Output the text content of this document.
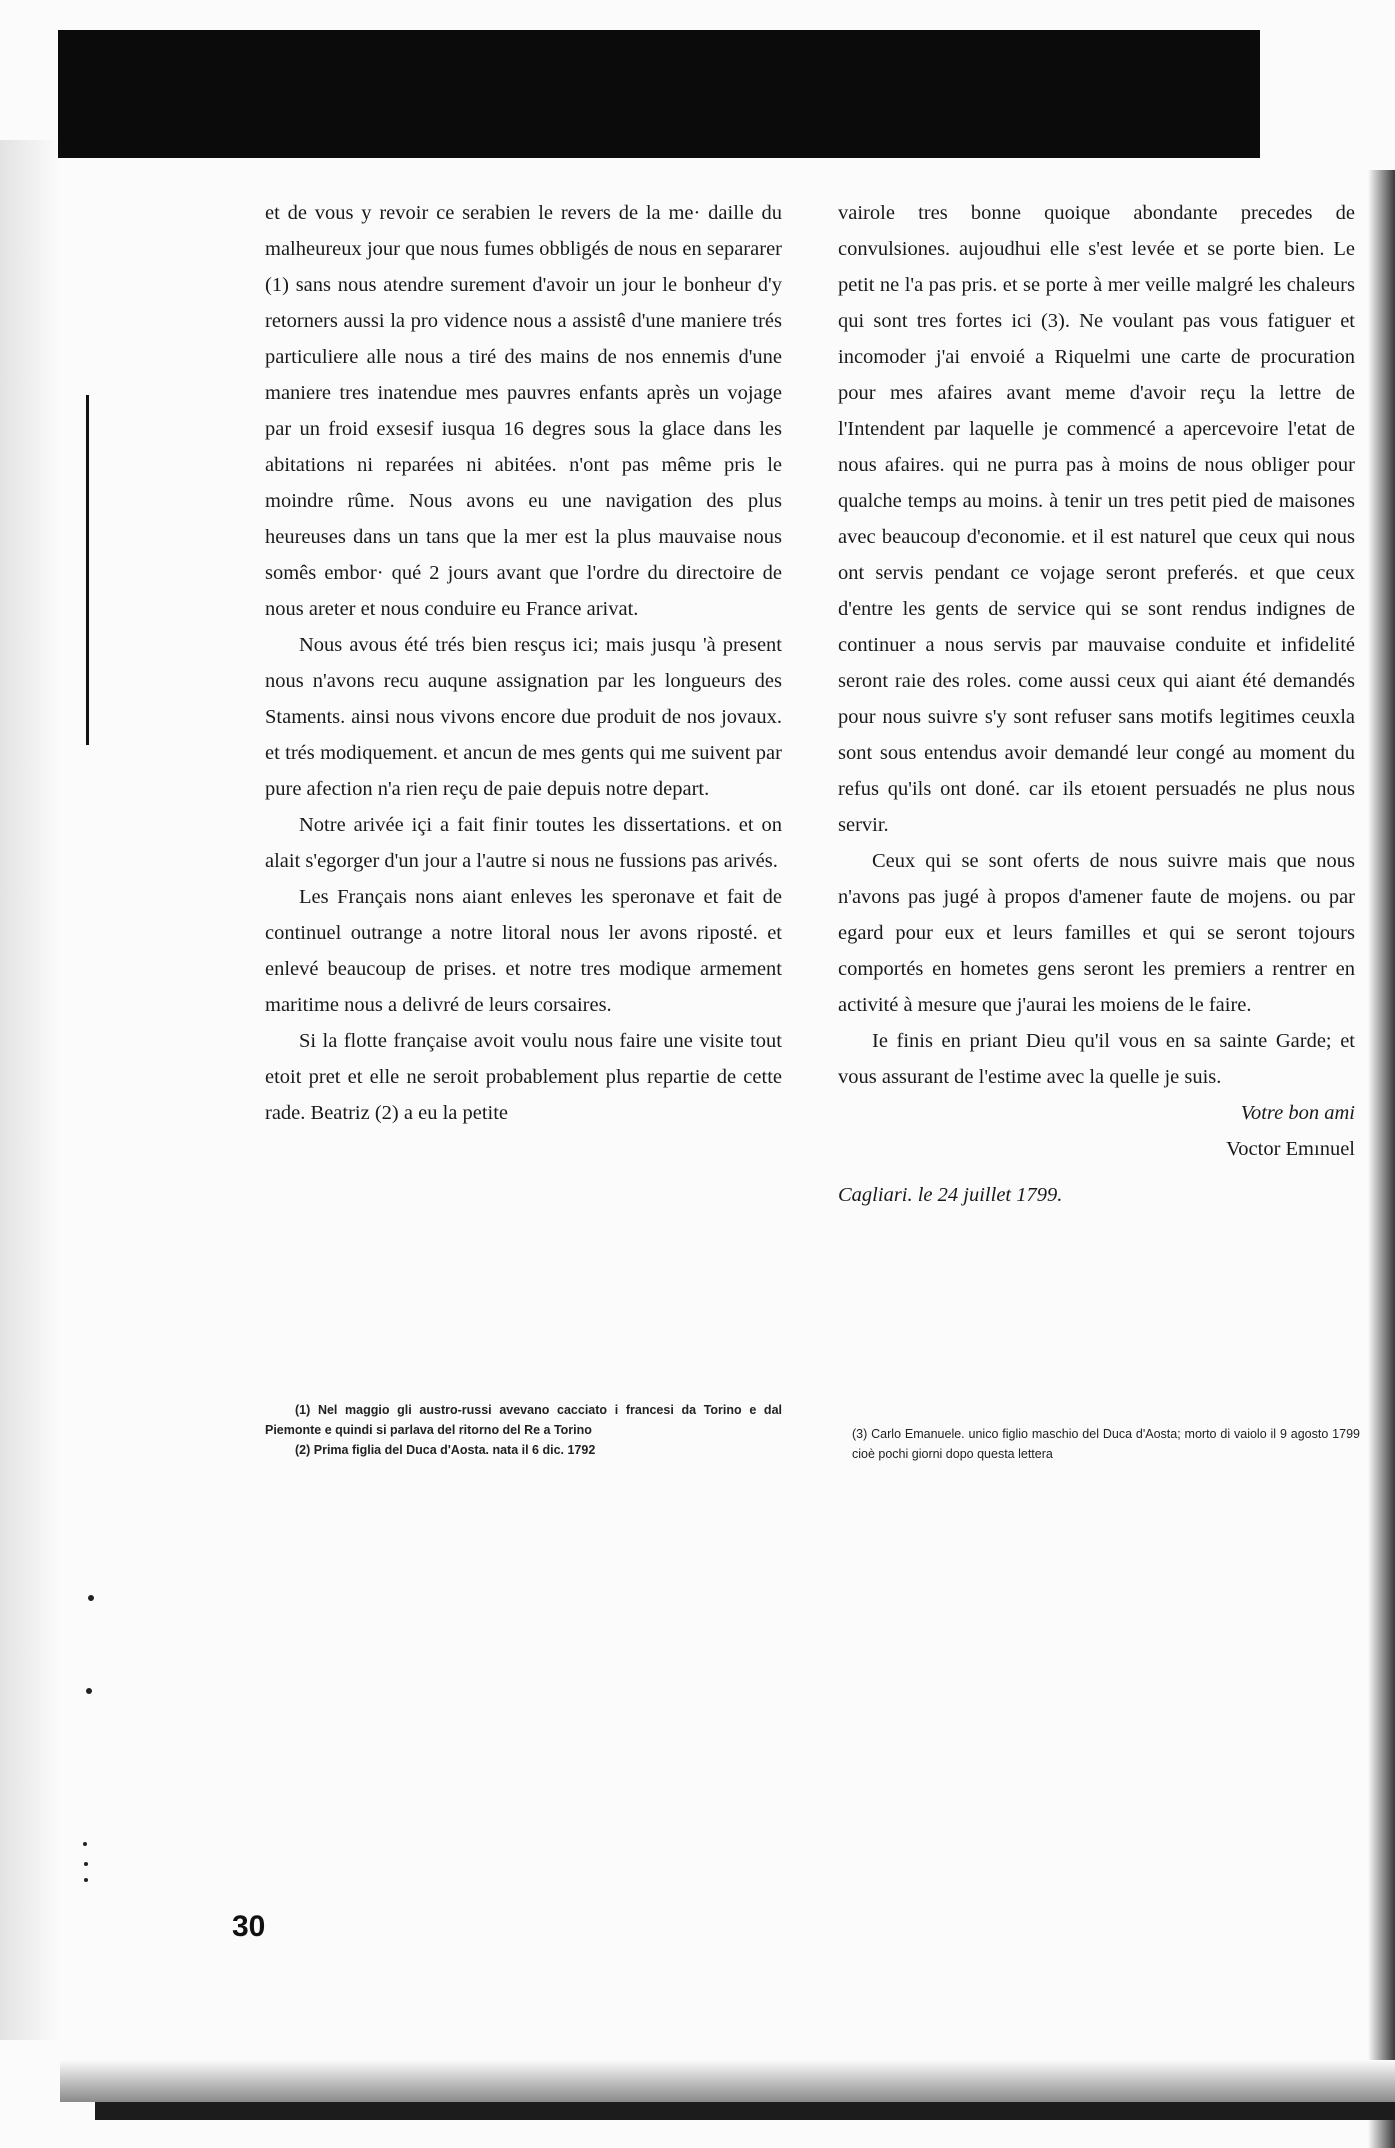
et de vous y revoir ce serabien le revers de la me· daille du malheureux jour que nous fumes obbligés de nous en separarer (1) sans nous atendre surement d'avoir un jour le bonheur d'y retorners aussi la pro vidence nous a assistê d'une maniere trés particuliere alle nous a tiré des mains de nos ennemis d'une maniere tres inatendue mes pauvres enfants après un vojage par un froid exsesif iusqua 16 degres sous la glace dans les abitations ni reparées ni abitées. n'ont pas même pris le moindre rûme. Nous avons eu une navigation des plus heureuses dans un tans que la mer est la plus mauvaise nous somês embor· qué 2 jours avant que l'ordre du directoire de nous areter et nous conduire eu France arivat.

Nous avous été trés bien resçus ici; mais jusqu 'à present nous n'avons recu auqune assignation par les longueurs des Staments. ainsi nous vivons encore due produit de nos jovaux. et trés modiquement. et ancun de mes gents qui me suivent par pure afection n'a rien reçu de paie depuis notre depart.

Notre arivée içi a fait finir toutes les dissertations. et on alait s'egorger d'un jour a l'autre si nous ne fussions pas arivés.

Les Français nons aiant enleves les speronave et fait de continuel outrange a notre litoral nous ler avons riposté. et enlevé beaucoup de prises. et notre tres modique armement maritime nous a delivré de leurs corsaires.

Si la flotte française avoit voulu nous faire une visite tout etoit pret et elle ne seroit probablement plus repartie de cette rade. Beatriz (2) a eu la petite

vairole tres bonne quoique abondante precedes de convulsiones. aujoudhui elle s'est levée et se porte bien. Le petit ne l'a pas pris. et se porte à mer veille malgré les chaleurs qui sont tres fortes ici (3). Ne voulant pas vous fatiguer et incomoder j'ai envoié a Riquelmi une carte de procuration pour mes afaires avant meme d'avoir reçu la lettre de l'Intendent par laquelle je commencé a apercevoire l'etat de nous afaires. qui ne purra pas à moins de nous obliger pour qualche temps au moins. à tenir un tres petit pied de maisones avec beaucoup d'economie. et il est naturel que ceux qui nous ont servis pendant ce vojage seront preferés. et que ceux d'entre les gents de service qui se sont rendus indignes de continuer a nous servis par mauvaise conduite et infidelité seront raie des roles. come aussi ceux qui aiant été demandés pour nous suivre s'y sont refuser sans motifs legitimes ceuxla sont sous entendus avoir demandé leur congé au moment du refus qu'ils ont doné. car ils etoıent persuadés ne plus nous servir.

Ceux qui se sont oferts de nous suivre mais que nous n'avons pas jugé à propos d'amener faute de mojens. ou par egard pour eux et leurs familles et qui se seront tojours comportés en hometes gens seront les premiers a rentrer en activité à mesure que j'aurai les moiens de le faire.

Ie finis en priant Dieu qu'il vous en sa sainte Garde; et vous assurant de l'estime avec la quelle je suis.

Votre bon ami
Voctor Emınuel
Cagliari. le 24 juillet 1799.

(1) Nel maggio gli austro-russi avevano cacciato i francesi da Torino e dal Piemonte e quindi si parlava del ritorno del Re a Torino

(2) Prima figlia del Duca d'Aosta. nata il 6 dic. 1792

(3) Carlo Emanuele. unico figlio maschio del Duca d'Aosta; morto di vaiolo il 9 agosto 1799 cioè pochi giorni dopo questa lettera
30
